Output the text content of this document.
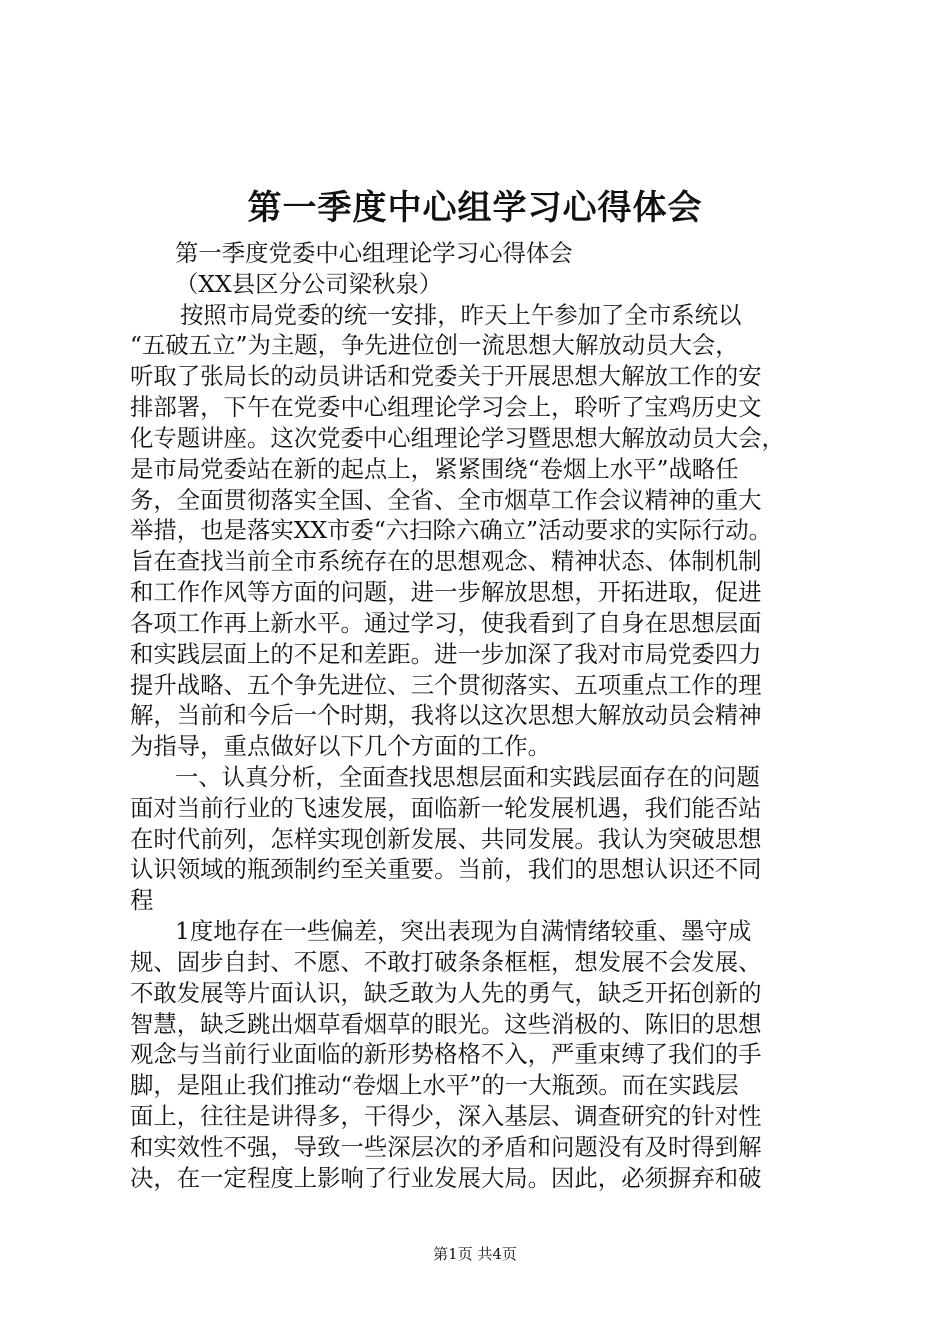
第一季度中心组学习心得体会
第一季度党委中心组理论学习心得体会
（XX县区分公司梁秋泉）
按照市局党委的统一安排，昨天上午参加了全市系统以
“五破五立”为主题，争先进位创一流思想大解放动员大会，
听取了张局长的动员讲话和党委关于开展思想大解放工作的安
排部署，下午在党委中心组理论学习会上，聆听了宝鸡历史文
化专题讲座。这次党委中心组理论学习暨思想大解放动员大会，
是市局党委站在新的起点上，紧紧围绕“卷烟上水平”战略任
务，全面贯彻落实全国、全省、全市烟草工作会议精神的重大
举措，也是落实XX市委“六扫除六确立”活动要求的实际行动。
旨在查找当前全市系统存在的思想观念、精神状态、体制机制
和工作作风等方面的问题，进一步解放思想，开拓进取，促进
各项工作再上新水平。通过学习，使我看到了自身在思想层面
和实践层面上的不足和差距。进一步加深了我对市局党委四力
提升战略、五个争先进位、三个贯彻落实、五项重点工作的理
解，当前和今后一个时期，我将以这次思想大解放动员会精神
为指导，重点做好以下几个方面的工作。
一、认真分析，全面查找思想层面和实践层面存在的问题
面对当前行业的飞速发展，面临新一轮发展机遇，我们能否站
在时代前列，怎样实现创新发展、共同发展。我认为突破思想
认识领域的瓶颈制约至关重要。当前，我们的思想认识还不同
程
1度地存在一些偏差，突出表现为自满情绪较重、墨守成
规、固步自封、不愿、不敢打破条条框框，想发展不会发展、
不敢发展等片面认识，缺乏敢为人先的勇气，缺乏开拓创新的
智慧，缺乏跳出烟草看烟草的眼光。这些消极的、陈旧的思想
观念与当前行业面临的新形势格格不入，严重束缚了我们的手
脚，是阻止我们推动“卷烟上水平”的一大瓶颈。而在实践层
面上，往往是讲得多，干得少，深入基层、调查研究的针对性
和实效性不强，导致一些深层次的矛盾和问题没有及时得到解
决，在一定程度上影响了行业发展大局。因此，必须摒弃和破
第1页 共4页
